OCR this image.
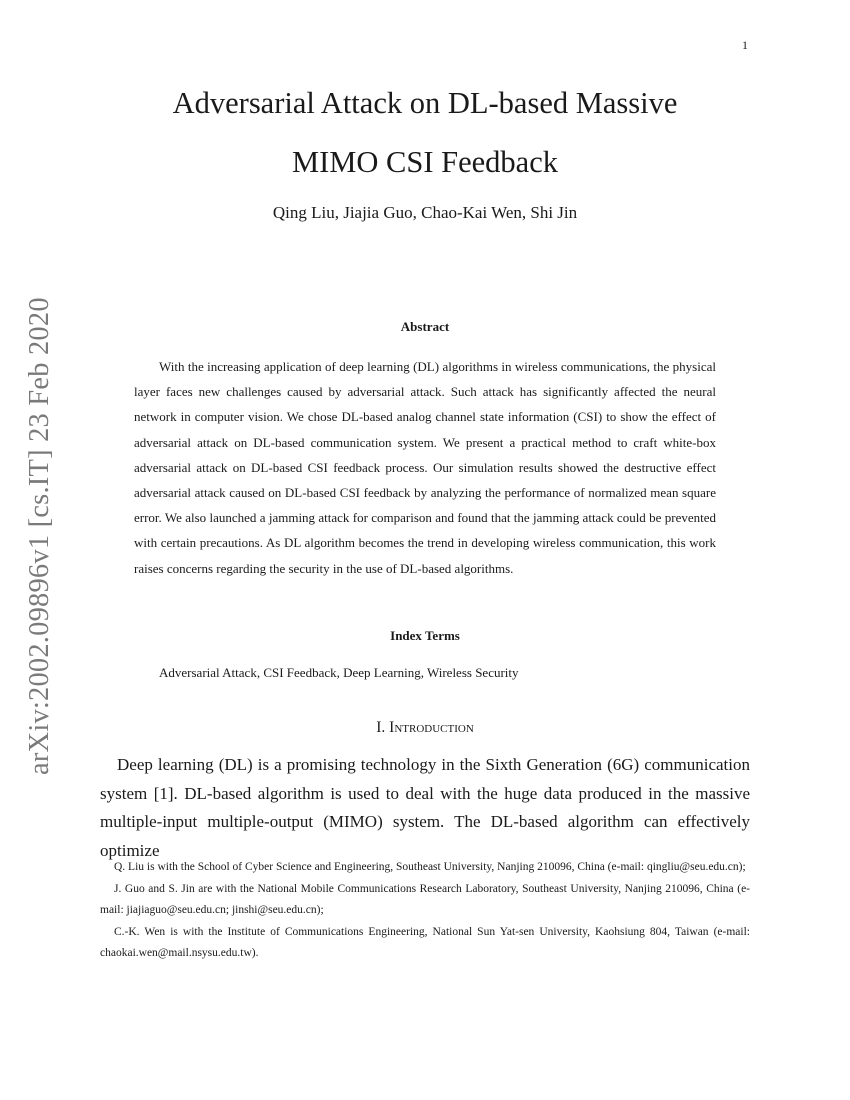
1
arXiv:2002.09896v1 [cs.IT] 23 Feb 2020
Adversarial Attack on DL-based Massive
MIMO CSI Feedback
Qing Liu, Jiajia Guo, Chao-Kai Wen, Shi Jin
Abstract

With the increasing application of deep learning (DL) algorithms in wireless communications, the physical layer faces new challenges caused by adversarial attack. Such attack has significantly affected the neural network in computer vision. We chose DL-based analog channel state information (CSI) to show the effect of adversarial attack on DL-based communication system. We present a practical method to craft white-box adversarial attack on DL-based CSI feedback process. Our simulation results showed the destructive effect adversarial attack caused on DL-based CSI feedback by analyzing the performance of normalized mean square error. We also launched a jamming attack for comparison and found that the jamming attack could be prevented with certain precautions. As DL algorithm becomes the trend in developing wireless communication, this work raises concerns regarding the security in the use of DL-based algorithms.

Index Terms
Adversarial Attack, CSI Feedback, Deep Learning, Wireless Security
I. Introduction

Deep learning (DL) is a promising technology in the Sixth Generation (6G) communication system [1]. DL-based algorithm is used to deal with the huge data produced in the massive multiple-input multiple-output (MIMO) system. The DL-based algorithm can effectively optimize

Q. Liu is with the School of Cyber Science and Engineering, Southeast University, Nanjing 210096, China (e-mail: qingliu@seu.edu.cn);

J. Guo and S. Jin are with the National Mobile Communications Research Laboratory, Southeast University, Nanjing 210096, China (e-mail: jiajiaguo@seu.edu.cn; jinshi@seu.edu.cn);

C.-K. Wen is with the Institute of Communications Engineering, National Sun Yat-sen University, Kaohsiung 804, Taiwan (e-mail: chaokai.wen@mail.nsysu.edu.tw).
